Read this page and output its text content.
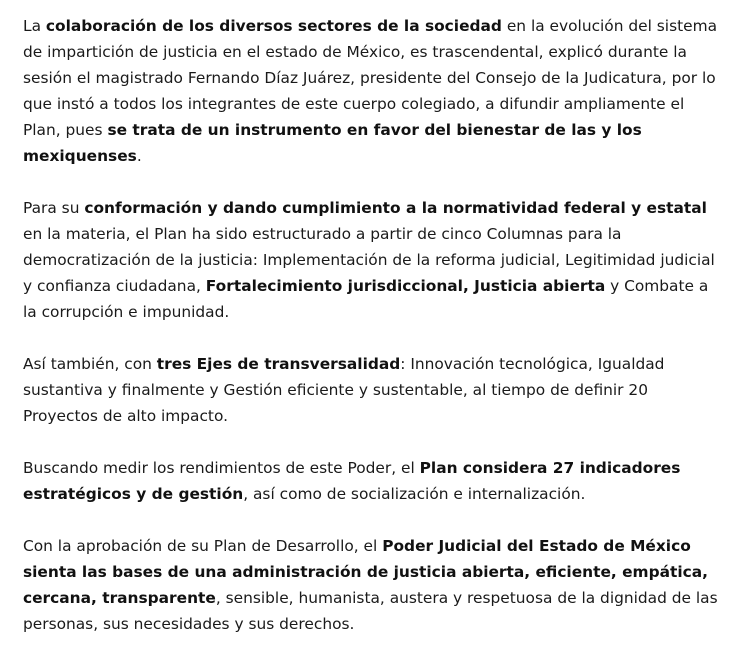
La colaboración de los diversos sectores de la sociedad en la evolución del sistema de impartición de justicia en el estado de México, es trascendental, explicó durante la sesión el magistrado Fernando Díaz Juárez, presidente del Consejo de la Judicatura, por lo que instó a todos los integrantes de este cuerpo colegiado, a difundir ampliamente el Plan, pues se trata de un instrumento en favor del bienestar de las y los mexiquenses.

Para su conformación y dando cumplimiento a la normatividad federal y estatal en la materia, el Plan ha sido estructurado a partir de cinco Columnas para la democratización de la justicia: Implementación de la reforma judicial, Legitimidad judicial y confianza ciudadana, Fortalecimiento jurisdiccional, Justicia abierta y Combate a la corrupción e impunidad.

Así también, con tres Ejes de transversalidad: Innovación tecnológica, Igualdad sustantiva y finalmente y Gestión eficiente y sustentable, al tiempo de definir 20 Proyectos de alto impacto.

Buscando medir los rendimientos de este Poder, el Plan considera 27 indicadores estratégicos y de gestión, así como de socialización e internalización.

Con la aprobación de su Plan de Desarrollo, el Poder Judicial del Estado de México sienta las bases de una administración de justicia abierta, eficiente, empática, cercana, transparente, sensible, humanista, austera y respetuosa de la dignidad de las personas, sus necesidades y sus derechos.
